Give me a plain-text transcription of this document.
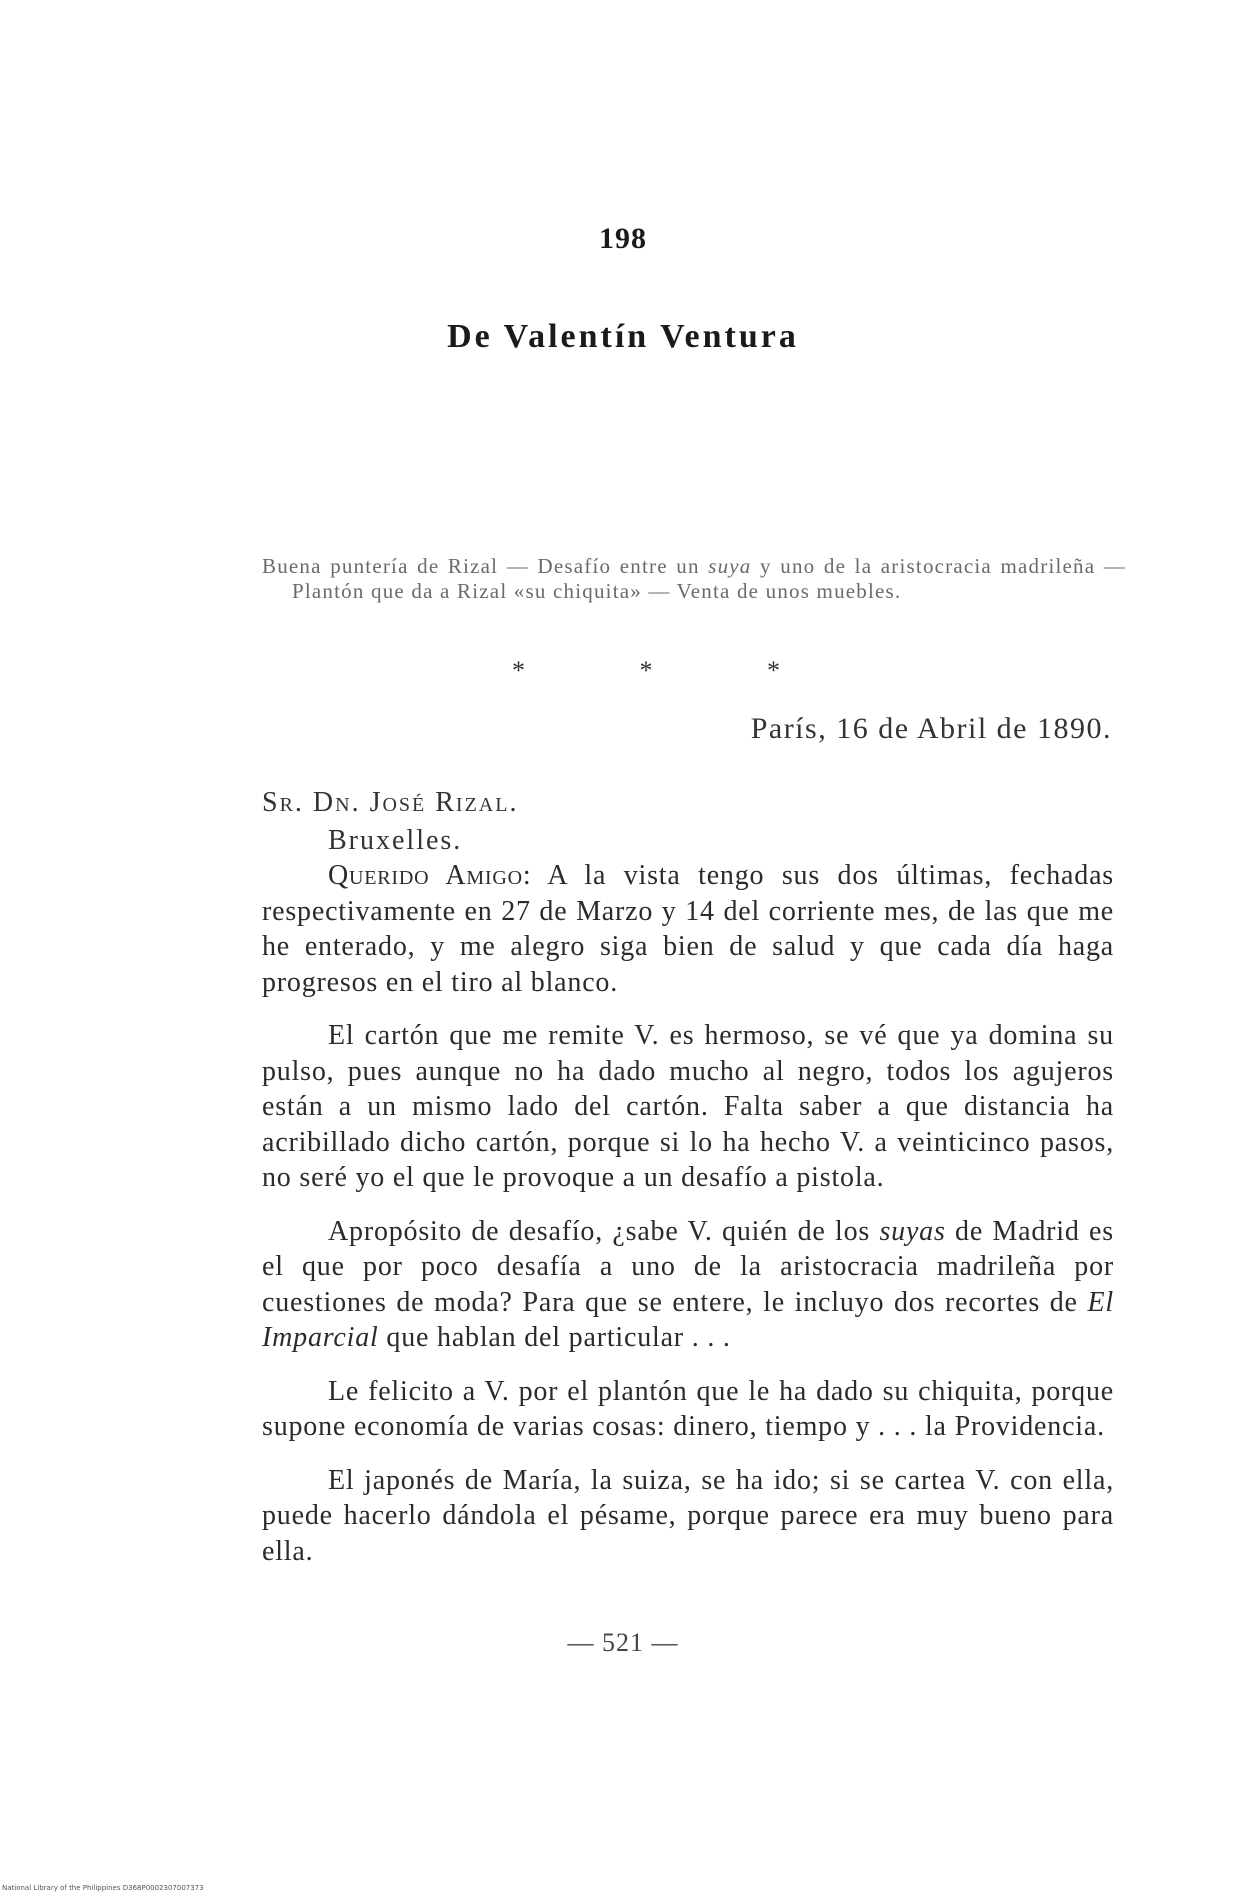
198
De Valentín Ventura
Buena puntería de Rizal — Desafío entre un suya y uno de la aristocracia madrileña — Plantón que da a Rizal «su chiquita» — Venta de unos muebles.
* * *
París, 16 de Abril de 1890.
Sr. Dn. José Rizal.
Bruxelles.

Querido Amigo: A la vista tengo sus dos últimas, fechadas respectivamente en 27 de Marzo y 14 del corriente mes, de las que me he enterado, y me alegro siga bien de salud y que cada día haga progresos en el tiro al blanco.

El cartón que me remite V. es hermoso, se vé que ya domina su pulso, pues aunque no ha dado mucho al negro, todos los agujeros están a un mismo lado del cartón. Falta saber a que distancia ha acribillado dicho cartón, porque si lo ha hecho V. a veinticinco pasos, no seré yo el que le provoque a un desafío a pistola.

Apropósito de desafío, ¿sabe V. quién de los suyas de Madrid es el que por poco desafía a uno de la aristocracia madrileña por cuestiones de moda? Para que se entere, le incluyo dos recortes de El Imparcial que hablan del particular . . .

Le felicito a V. por el plantón que le ha dado su chiquita, porque supone economía de varias cosas: dinero, tiempo y . . . la Providencia.

El japonés de María, la suiza, se ha ido; si se cartea V. con ella, puede hacerlo dándola el pésame, porque parece era muy bueno para ella.

— 521 —
National Library of the Philippines D368P0002307007373
